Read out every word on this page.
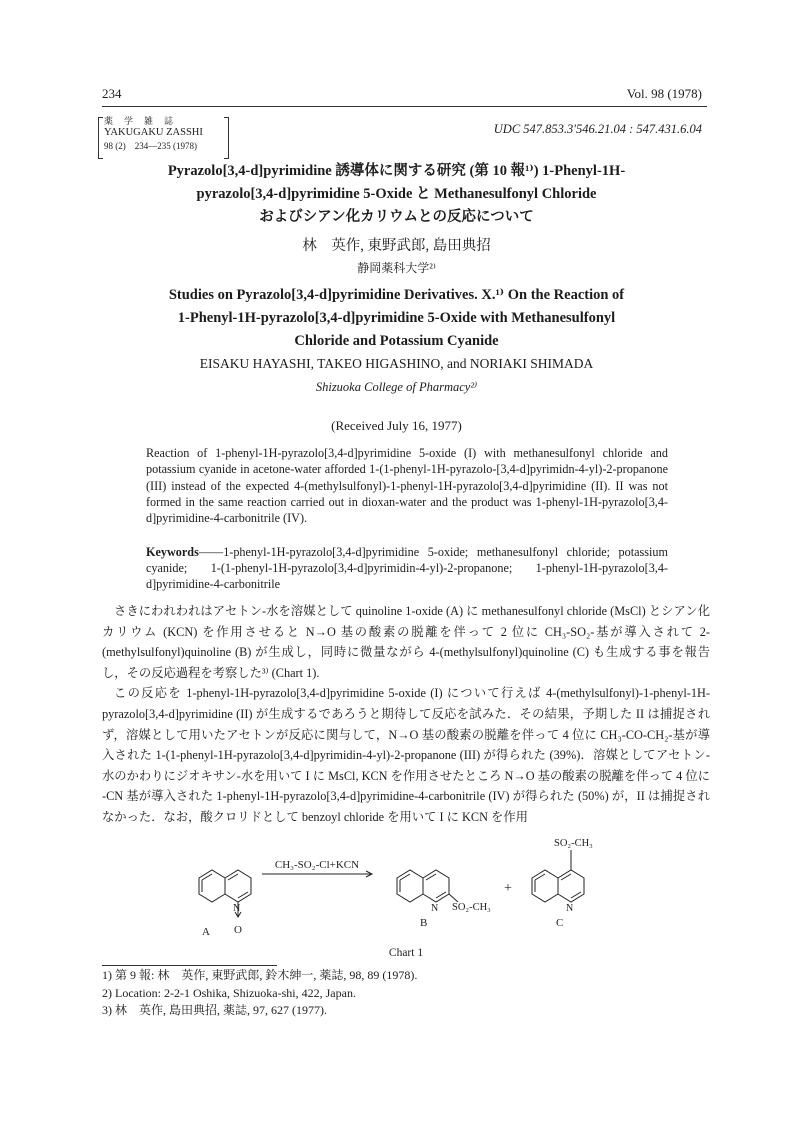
234	Vol. 98 (1978)
薬　学　雑　誌
YAKUGAKU ZASSHI
98 (2)　234—235 (1978)
UDC 547.853.3'546.21.04 : 547.431.6.04
Pyrazolo[3,4-d]pyrimidine 誘導体に関する研究 (第 10 報¹⁾) 1-Phenyl-1H-
pyrazolo[3,4-d]pyrimidine 5-Oxide と Methanesulfonyl Chloride
およびシアン化カリウムとの反応について
林　英作, 東野武郎, 島田典招
静岡薬科大学²⁾
Studies on Pyrazolo[3,4-d]pyrimidine Derivatives. X.¹⁾ On the Reaction of
1-Phenyl-1H-pyrazolo[3,4-d]pyrimidine 5-Oxide with Methanesulfonyl
Chloride and Potassium Cyanide
EISAKU HAYASHI, TAKEO HIGASHINO, and NORIAKI SHIMADA
Shizuoka College of Pharmacy²⁾
(Received July 16, 1977)
Reaction of 1-phenyl-1H-pyrazolo[3,4-d]pyrimidine 5-oxide (I) with methanesulfonyl chloride and potassium cyanide in acetone-water afforded 1-(1-phenyl-1H-pyrazolo-[3,4-d]pyrimidn-4-yl)-2-propanone (III) instead of the expected 4-(methylsulfonyl)-1-phenyl-1H-pyrazolo[3,4-d]pyrimidine (II). II was not formed in the same reaction carried out in dioxan-water and the product was 1-phenyl-1H-pyrazolo[3,4-d]pyrimidine-4-carbonitrile (IV).
Keywords——1-phenyl-1H-pyrazolo[3,4-d]pyrimidine 5-oxide; methanesulfonyl chloride; potassium cyanide; 1-(1-phenyl-1H-pyrazolo[3,4-d]pyrimidin-4-yl)-2-propanone; 1-phenyl-1H-pyrazolo[3,4-d]pyrimidine-4-carbonitrile

さきにわれわれはアセトン-水を溶媒として quinoline 1-oxide (A) に methanesulfonyl chloride (MsCl) とシアン化カリウム (KCN) を作用させると N→O 基の酸素の脱離を伴って 2 位に CH₃-SO₂-基が導入されて 2-(methylsulfonyl)quinoline (B) が生成し，同時に微量ながら 4-(methylsulfonyl)quinoline (C) も生成する事を報告し，その反応過程を考察した³⁾ (Chart 1).

この反応を 1-phenyl-1H-pyrazolo[3,4-d]pyrimidine 5-oxide (I) について行えば 4-(methylsulfonyl)-1-phenyl-1H-pyrazolo[3,4-d]pyrimidine (II) が生成するであろうと期待して反応を試みた．その結果，予期した II は捕捉されず，溶媒として用いたアセトンが反応に関与して，N→O 基の酸素の脱離を伴って 4 位に CH₃-CO-CH₂-基が導入された 1-(1-phenyl-1H-pyrazolo[3,4-d]pyrimidin-4-yl)-2-propanone (III) が得られた (39%)．溶媒としてアセトン-水のかわりにジオキサン-水を用いて I に MsCl, KCN を作用させたところ N→O 基の酸素の脱離を伴って 4 位に -CN 基が導入された 1-phenyl-1H-pyrazolo[3,4-d]pyrimidine-4-carbonitrile (IV) が得られた (50%) が，II は捕捉されなかった．なお，酸クロリドとして benzoyl chloride を用いて I に KCN を作用

CH₃-SO₂-Cl+KCN
A O
N
B
N SO₂-CH₃
+
C
N
SO₂-CH₃
Chart 1
1) 第 9 報: 林　英作, 東野武郎, 鈴木紳一, 薬誌, 98, 89 (1978).
2) Location: 2-2-1 Oshika, Shizuoka-shi, 422, Japan.
3) 林　英作, 島田典招, 薬誌, 97, 627 (1977).
